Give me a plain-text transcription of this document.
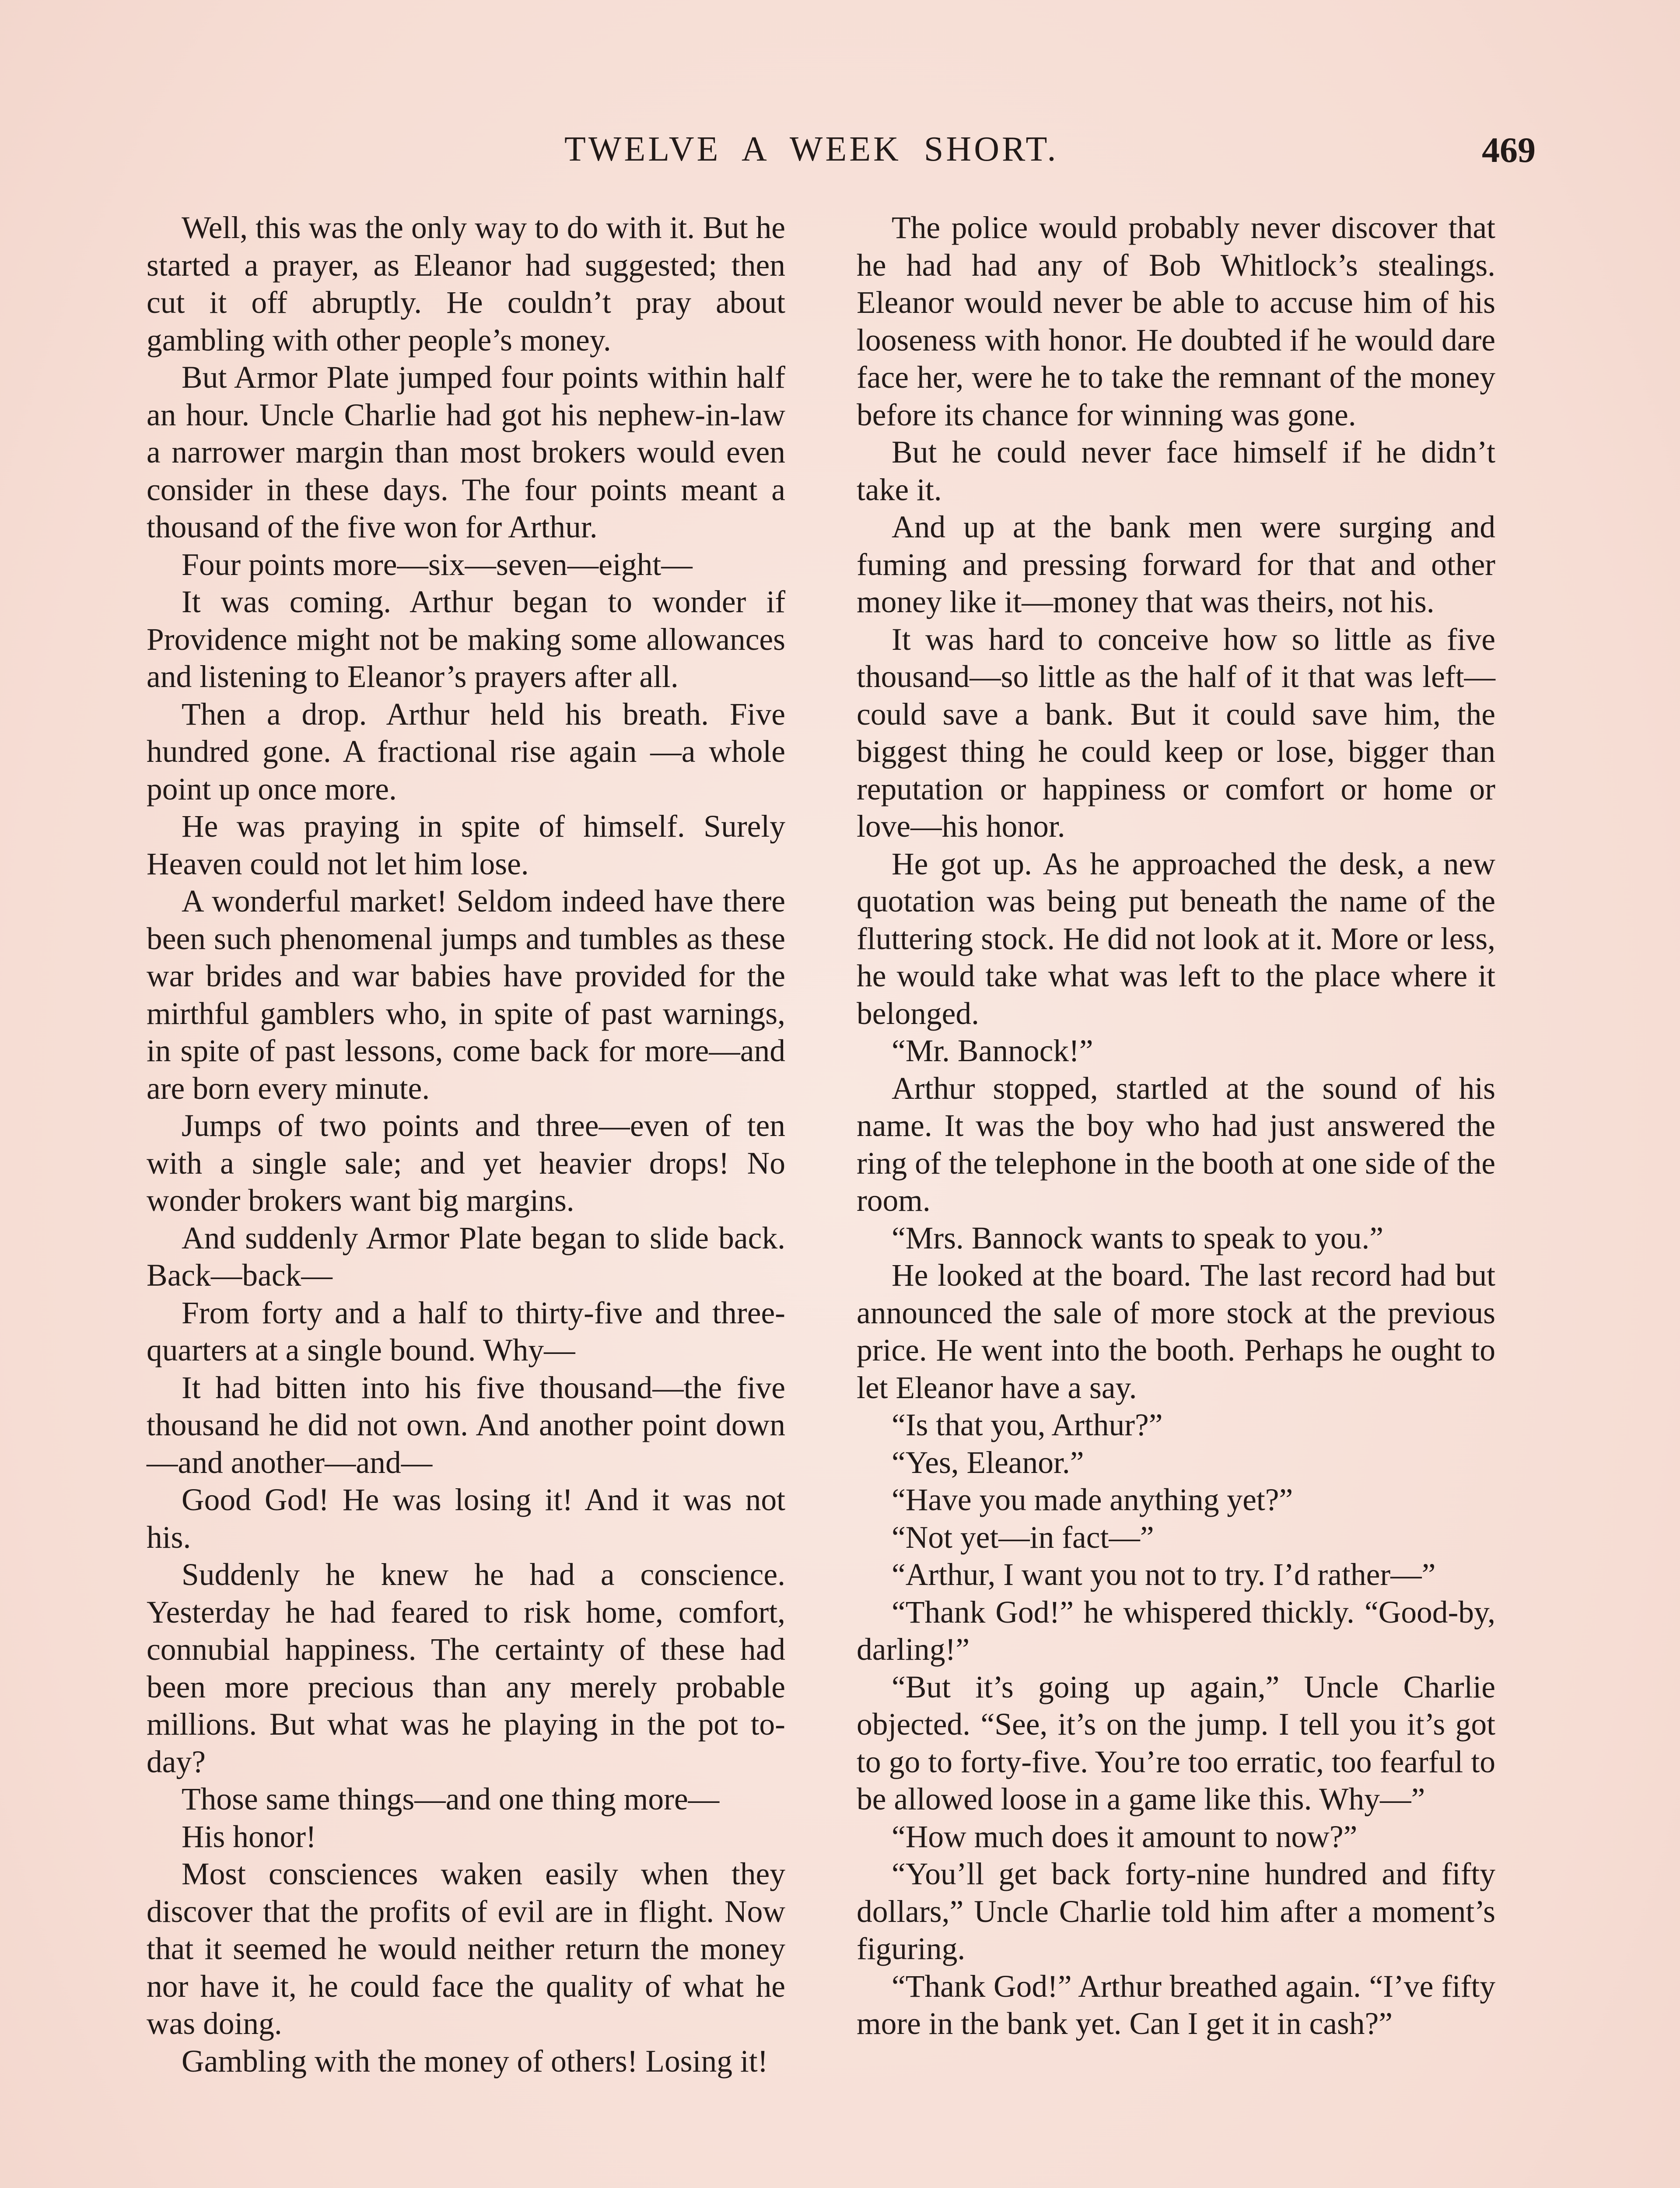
TWELVE A WEEK SHORT.	469

Well, this was the only way to do with it. But he started a prayer, as Eleanor had suggested; then cut it off abruptly. He couldn’t pray about gambling with other people’s money.

But Armor Plate jumped four points within half an hour. Uncle Charlie had got his nephew-in-law a narrower margin than most brokers would even consider in these days. The four points meant a thousand of the five won for Arthur.

Four points more—six—seven—eight—

It was coming. Arthur began to wonder if Providence might not be making some allowances and listening to Eleanor’s prayers after all.

Then a drop. Arthur held his breath. Five hundred gone. A fractional rise again —a whole point up once more.

He was praying in spite of himself. Surely Heaven could not let him lose.

A wonderful market! Seldom indeed have there been such phenomenal jumps and tumbles as these war brides and war babies have provided for the mirthful gamblers who, in spite of past warnings, in spite of past lessons, come back for more—and are born every minute.

Jumps of two points and three—even of ten with a single sale; and yet heavier drops! No wonder brokers want big margins.

And suddenly Armor Plate began to slide back. Back—back—

From forty and a half to thirty-five and three-quarters at a single bound. Why—

It had bitten into his five thousand—the five thousand he did not own. And another point down—and another—and—

Good God! He was losing it! And it was not his.

Suddenly he knew he had a conscience. Yesterday he had feared to risk home, comfort, connubial happiness. The certainty of these had been more precious than any merely probable millions. But what was he playing in the pot to-day?

Those same things—and one thing more—

His honor!

Most consciences waken easily when they discover that the profits of evil are in flight. Now that it seemed he would neither return the money nor have it, he could face the quality of what he was doing.

Gambling with the money of others! Losing it!

The police would probably never discover that he had had any of Bob Whitlock’s stealings. Eleanor would never be able to accuse him of his looseness with honor. He doubted if he would dare face her, were he to take the remnant of the money before its chance for winning was gone.

But he could never face himself if he didn’t take it.

And up at the bank men were surging and fuming and pressing forward for that and other money like it—money that was theirs, not his.

It was hard to conceive how so little as five thousand—so little as the half of it that was left—could save a bank. But it could save him, the biggest thing he could keep or lose, bigger than reputation or happiness or comfort or home or love—his honor.

He got up. As he approached the desk, a new quotation was being put beneath the name of the fluttering stock. He did not look at it. More or less, he would take what was left to the place where it belonged.

“Mr. Bannock!”

Arthur stopped, startled at the sound of his name. It was the boy who had just answered the ring of the telephone in the booth at one side of the room.

“Mrs. Bannock wants to speak to you.”

He looked at the board. The last record had but announced the sale of more stock at the previous price. He went into the booth. Perhaps he ought to let Eleanor have a say.

“Is that you, Arthur?”

“Yes, Eleanor.”

“Have you made anything yet?”

“Not yet—in fact—”

“Arthur, I want you not to try. I’d rather—”

“Thank God!” he whispered thickly. “Good-by, darling!”

“But it’s going up again,” Uncle Charlie objected. “See, it’s on the jump. I tell you it’s got to go to forty-five. You’re too erratic, too fearful to be allowed loose in a game like this. Why—”

“How much does it amount to now?”

“You’ll get back forty-nine hundred and fifty dollars,” Uncle Charlie told him after a moment’s figuring.

“Thank God!” Arthur breathed again. “I’ve fifty more in the bank yet. Can I get it in cash?”
